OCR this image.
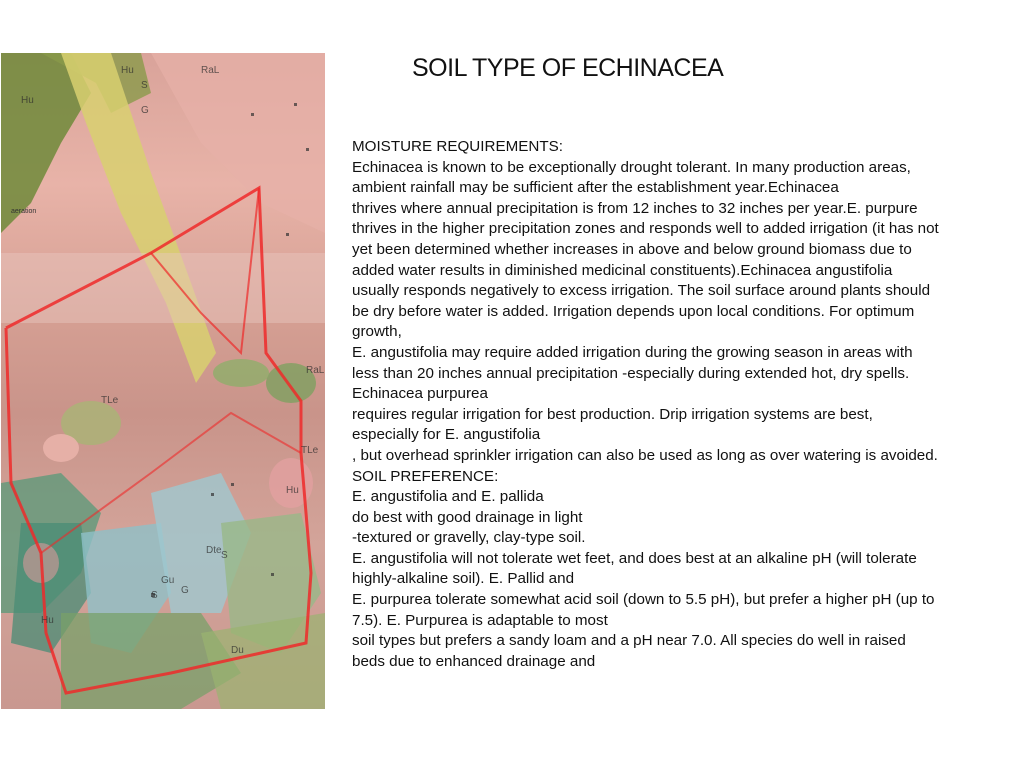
RaL
Hu
S
G
RaL
Hu
TLe
TLe
Hu
G
Dte
S
Gu
Du
Hu
S
aeration
SOIL TYPE OF ECHINACEA
MOISTURE REQUIREMENTS:
Echinacea is known to be exceptionally drought tolerant. In many production areas,
ambient rainfall may be sufficient after the establishment year.Echinacea
thrives where annual precipitation is from 12 inches to 32 inches per year.E. purpure
thrives in the higher precipitation zones and responds well to added irrigation (it has not
yet been determined whether increases in above and below ground biomass due to
added water results in diminished medicinal constituents).Echinacea angustifolia
usually responds negatively to excess irrigation. The soil surface around plants should
be dry before water is added. Irrigation depends upon local conditions. For optimum
growth,
E. angustifolia may require added irrigation during the growing season in areas with
less than 20 inches annual precipitation -especially during extended hot, dry spells.
Echinacea purpurea
requires regular irrigation for best production. Drip irrigation systems are best,
especially for E. angustifolia
, but overhead sprinkler irrigation can also be used as long as over watering is avoided.
SOIL PREFERENCE:
E. angustifolia and E. pallida
do best with good drainage in light
-textured or gravelly, clay-type soil.
E. angustifolia will not tolerate wet feet, and does best at an alkaline pH (will tolerate
highly-alkaline soil). E. Pallid and
E. purpurea tolerate somewhat acid soil (down to 5.5 pH), but prefer a higher pH (up to
7.5). E. Purpurea is adaptable to most
soil types but prefers a sandy loam and a pH near 7.0. All species do well in raised
beds due to enhanced drainage and
